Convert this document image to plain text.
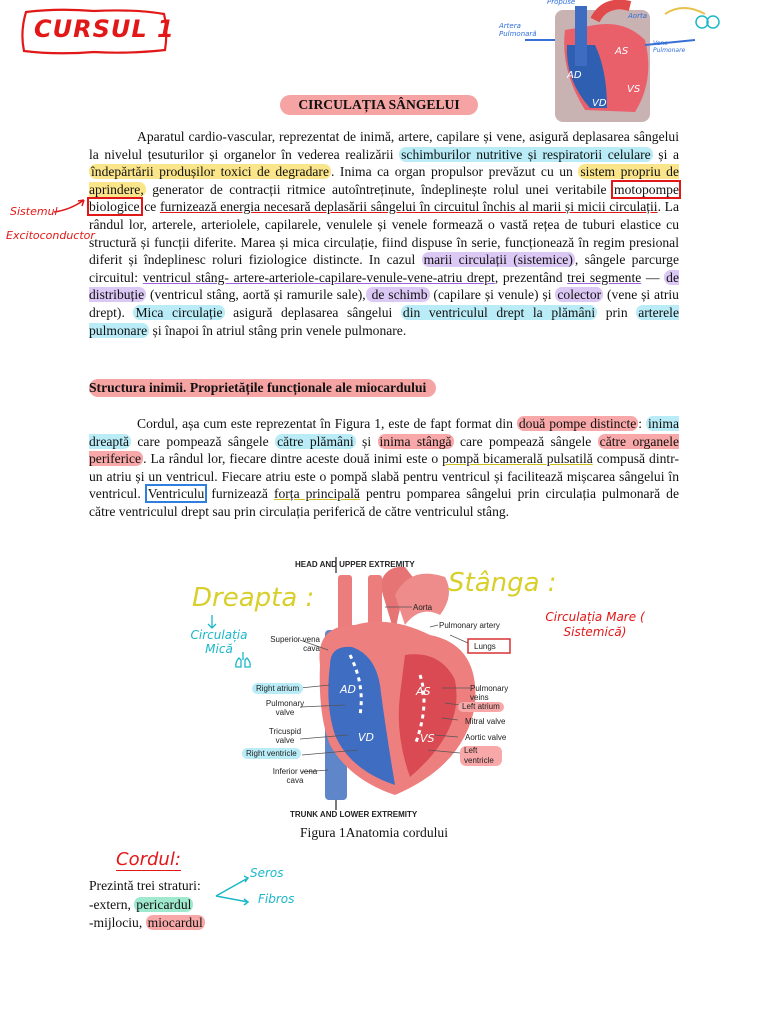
CURSUL 1
Propuse
Artera Pulmonară
Aorta
Vene Pulmonare
AS
AD
VD
VS
CIRCULAȚIA SÂNGELUI
Sistemul
Excitoconductor

Aparatul cardio-vascular, reprezentat de inimă, artere, capilare și vene, asigură deplasarea sângelui la nivelul țesuturilor și organelor în vederea realizării schimburilor nutritive și respiratorii celulare și a îndepărtării produșilor toxici de degradare . Inima ca organ propulsor prevăzut cu un sistem propriu de aprindere, generator de contracții ritmice autoîntreținute, îndeplinește rolul unei veritabile motopompe biologice ce furnizează energia necesară deplasării sângelui în circuitul închis al marii și micii circulații. La rândul lor, arterele, arteriolele, capilarele, venulele și venele formează o vastă rețea de tuburi elastice cu structură și funcții diferite. Marea și mica circulație, fiind dispuse în serie, funcționează în regim presional diferit și îndeplinesc roluri fiziologice distincte. In cazul marii circulații (sistemice) , sângele parcurge circuitul: ventricul stâng- artere-arteriole-capilare-venule-vene-atriu drept, prezentând trei segmente — de distribuție (ventricul stâng, aortă și ramurile sale), de schimb (capilare și venule) și colector (vene și atriu drept). Mica circulație asigură deplasarea sângelui din ventriculul drept la plămâni prin arterele pulmonare și înapoi în atriul stâng prin venele pulmonare.

Structura inimii. Proprietățile funcționale ale miocardului

Cordul, așa cum este reprezentat în Figura 1, este de fapt format din două pompe distincte : inima dreaptă care pompează sângele către plămâni și inima stângă care pompează sângele către organele periferice . La rândul lor, fiecare dintre aceste două inimi este o pompă bicamerală pulsatilă compusă dintr-un atriu și un ventricul. Fiecare atriu este o pompă slabă pentru ventricul și facilitează mișcarea sângelui în ventricul. Ventriculu furnizează forța principală pentru pomparea sângelui prin circulația pulmonară de către ventriculul drept sau prin circulația periferică de către ventriculul stâng.

HEAD AND UPPER EXTREMITY
TRUNK AND LOWER EXTREMITY
Aorta
Pulmonary artery
Lungs
Superior vena cava
Right atrium
Pulmonary valve
Tricuspid valve
Right ventricle
Inferior vena cava
Pulmonary veins
Left atrium
Mitral valve
Aortic valve
Left ventricle
AD
VD
AS
VS
Figura 1Anatomia cordului
Dreapta :	Stânga :
Circulația Mică
Circulația Mare ( Sistemică)
Cordul:
Prezintă trei straturi:
-extern, pericardul
-mijlociu, miocardul
Seros
Fibros
